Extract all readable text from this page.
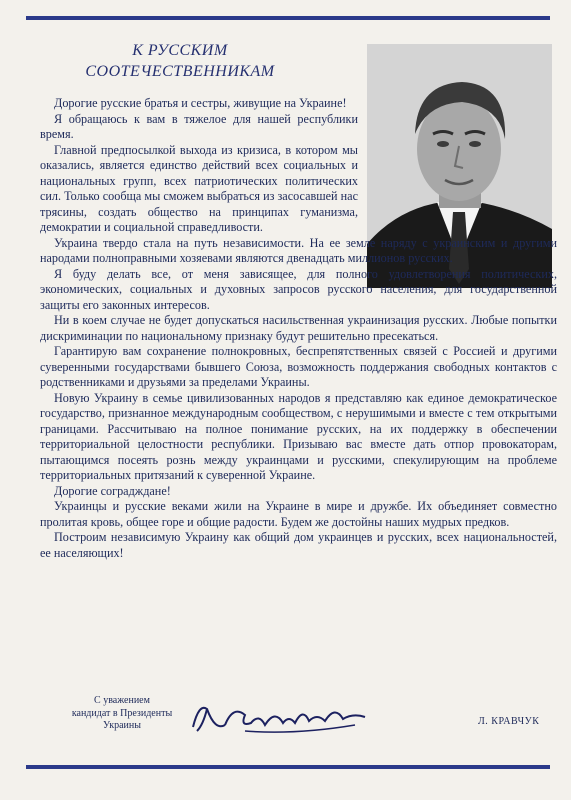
К РУССКИМ
СООТЕЧЕСТВЕННИКАМ

Дорогие русские братья и сестры, живущие на Украине!

Я обращаюсь к вам в тяжелое для нашей республики время.

Главной предпосылкой выхода из кризиса, в котором мы оказались, является единство действий всех социальных и национальных групп, всех патриотических политических сил. Только сообща мы сможем выбраться из засосавшей нас трясины, создать общество на принципах гуманизма, демократии и социальной справедливости.

Украина твердо стала на путь независимости. На ее земле наряду с украинским и другими народами полноправными хозяевами являются двенадцать миллионов русских.

Я буду делать все, от меня зависящее, для полного удовлетворения политических, экономических, социальных и духовных запросов русского населения, для государственной защиты его законных интересов.

Ни в коем случае не будет допускаться насильственная украинизация русских. Любые попытки дискриминации по национальному признаку будут решительно пресекаться.

Гарантирую вам сохранение полнокровных, беспрепятственных связей с Россией и другими суверенными государствами бывшего Союза, возможность поддержания свободных контактов с родственниками и друзьями за пределами Украины.

Новую Украину в семье цивилизованных народов я представляю как единое демократическое государство, признанное международным сообществом, с нерушимыми и вместе с тем открытыми границами. Рассчитываю на полное понимание русских, на их поддержку в обеспечении территориальной целостности республики. Призываю вас вместе дать отпор провокаторам, пытающимся посеять рознь между украинцами и русскими, спекулирующим на проблеме территориальных притязаний к суверенной Украине.

Дорогие соградждане!

Украинцы и русские веками жили на Украине в мире и дружбе. Их объединяет совместно пролитая кровь, общее горе и общие радости. Будем же достойны наших мудрых предков.

Построим независимую Украину как общий дом украинцев и русских, всех национальностей, ее населяющих!

С уважением
кандидат в Президенты
Украины	Л. КРАВЧУК
